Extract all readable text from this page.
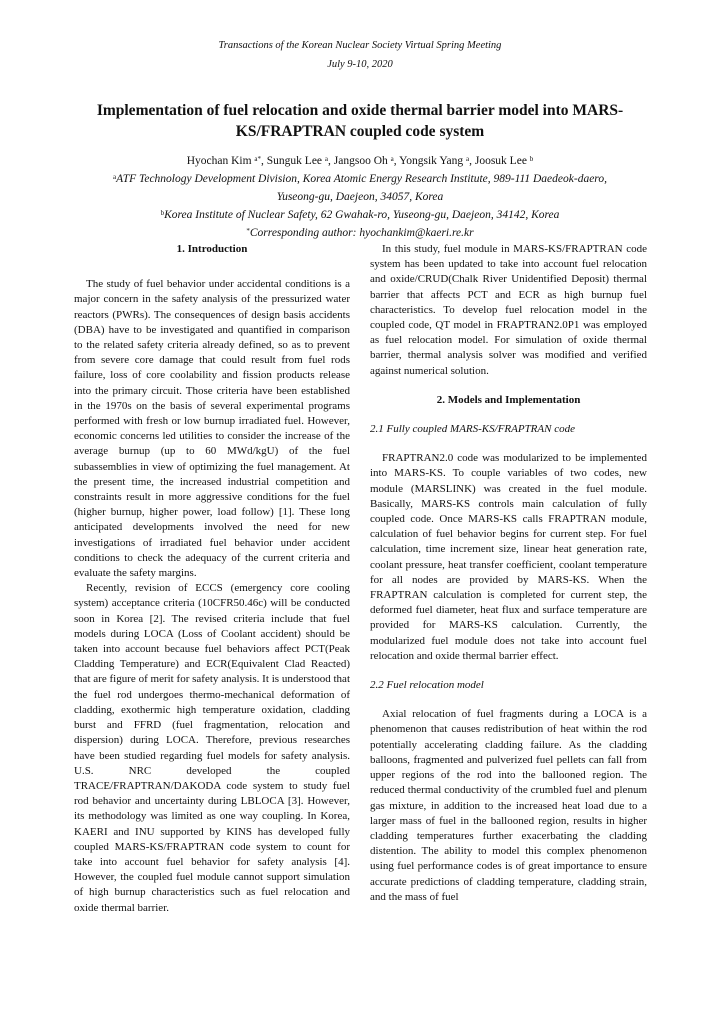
Transactions of the Korean Nuclear Society Virtual Spring Meeting
July 9-10, 2020
Implementation of fuel relocation and oxide thermal barrier model into MARS-KS/FRAPTRAN coupled code system
Hyochan Kim $^{a*}$, Sunguk Lee $^a$, Jangsoo Oh $^a$, Yongsik Yang $^a$, Joosuk Lee $^b$
$^a$ATF Technology Development Division, Korea Atomic Energy Research Institute, 989-111 Daedeok-daero,
Yuseong-gu, Daejeon, 34057, Korea
$^b$Korea Institute of Nuclear Safety, 62 Gwahak-ro, Yuseong-gu, Daejeon, 34142, Korea
*Corresponding author: hyochankim@kaeri.re.kr
1. Introduction

The study of fuel behavior under accidental conditions is a major concern in the safety analysis of the pressurized water reactors (PWRs). The consequences of design basis accidents (DBA) have to be investigated and quantified in comparison to the related safety criteria already defined, so as to prevent from severe core damage that could result from fuel rods failure, loss of core coolability and fission products release into the primary circuit. Those criteria have been established in the 1970s on the basis of several experimental programs performed with fresh or low burnup irradiated fuel. However, economic concerns led utilities to consider the increase of the average burnup (up to 60 MWd/kgU) of the fuel subassemblies in view of optimizing the fuel management. At the present time, the increased industrial competition and constraints result in more aggressive conditions for the fuel (higher burnup, higher power, load follow) [1]. These long anticipated developments involved the need for new investigations of irradiated fuel behavior under accident conditions to check the adequacy of the current criteria and evaluate the safety margins.

Recently, revision of ECCS (emergency core cooling system) acceptance criteria (10CFR50.46c) will be conducted soon in Korea [2]. The revised criteria include that fuel models during LOCA (Loss of Coolant accident) should be taken into account because fuel behaviors affect PCT(Peak Cladding Temperature) and ECR(Equivalent Clad Reacted) that are figure of merit for safety analysis. It is understood that the fuel rod undergoes thermo-mechanical deformation of cladding, exothermic high temperature oxidation, cladding burst and FFRD (fuel fragmentation, relocation and dispersion) during LOCA. Therefore, previous researches have been studied regarding fuel models for safety analysis. U.S. NRC developed the coupled TRACE/FRAPTRAN/DAKODA code system to study fuel rod behavior and uncertainty during LBLOCA [3]. However, its methodology was limited as one way coupling. In Korea, KAERI and INU supported by KINS has developed fully coupled MARS-KS/FRAPTRAN code system to count for take into account fuel behavior for safety analysis [4]. However, the coupled fuel module cannot support simulation of high burnup characteristics such as fuel relocation and oxide thermal barrier.

In this study, fuel module in MARS-KS/FRAPTRAN code system has been updated to take into account fuel relocation and oxide/CRUD(Chalk River Unidentified Deposit) thermal barrier that affects PCT and ECR as high burnup fuel characteristics. To develop fuel relocation model in the coupled code, QT model in FRAPTRAN2.0P1 was employed as fuel relocation model. For simulation of oxide thermal barrier, thermal analysis solver was modified and verified against numerical solution.

2. Models and Implementation
2.1 Fully coupled MARS-KS/FRAPTRAN code

FRAPTRAN2.0 code was modularized to be implemented into MARS-KS. To couple variables of two codes, new module (MARSLINK) was created in the fuel module. Basically, MARS-KS controls main calculation of fully coupled code. Once MARS-KS calls FRAPTRAN module, calculation of fuel behavior begins for current step. For fuel calculation, time increment size, linear heat generation rate, coolant pressure, heat transfer coefficient, coolant temperature for all nodes are provided by MARS-KS. When the FRAPTRAN calculation is completed for current step, the deformed fuel diameter, heat flux and surface temperature are provided for MARS-KS calculation. Currently, the modularized fuel module does not take into account fuel relocation and oxide thermal barrier effect.

2.2 Fuel relocation model

Axial relocation of fuel fragments during a LOCA is a phenomenon that causes redistribution of heat within the rod potentially accelerating cladding failure. As the cladding balloons, fragmented and pulverized fuel pellets can fall from upper regions of the rod into the ballooned region. The reduced thermal conductivity of the crumbled fuel and plenum gas mixture, in addition to the increased heat load due to a larger mass of fuel in the ballooned region, results in higher cladding temperatures further exacerbating the cladding distention. The ability to model this complex phenomenon using fuel performance codes is of great importance to ensure accurate predictions of cladding temperature, cladding strain, and the mass of fuel
